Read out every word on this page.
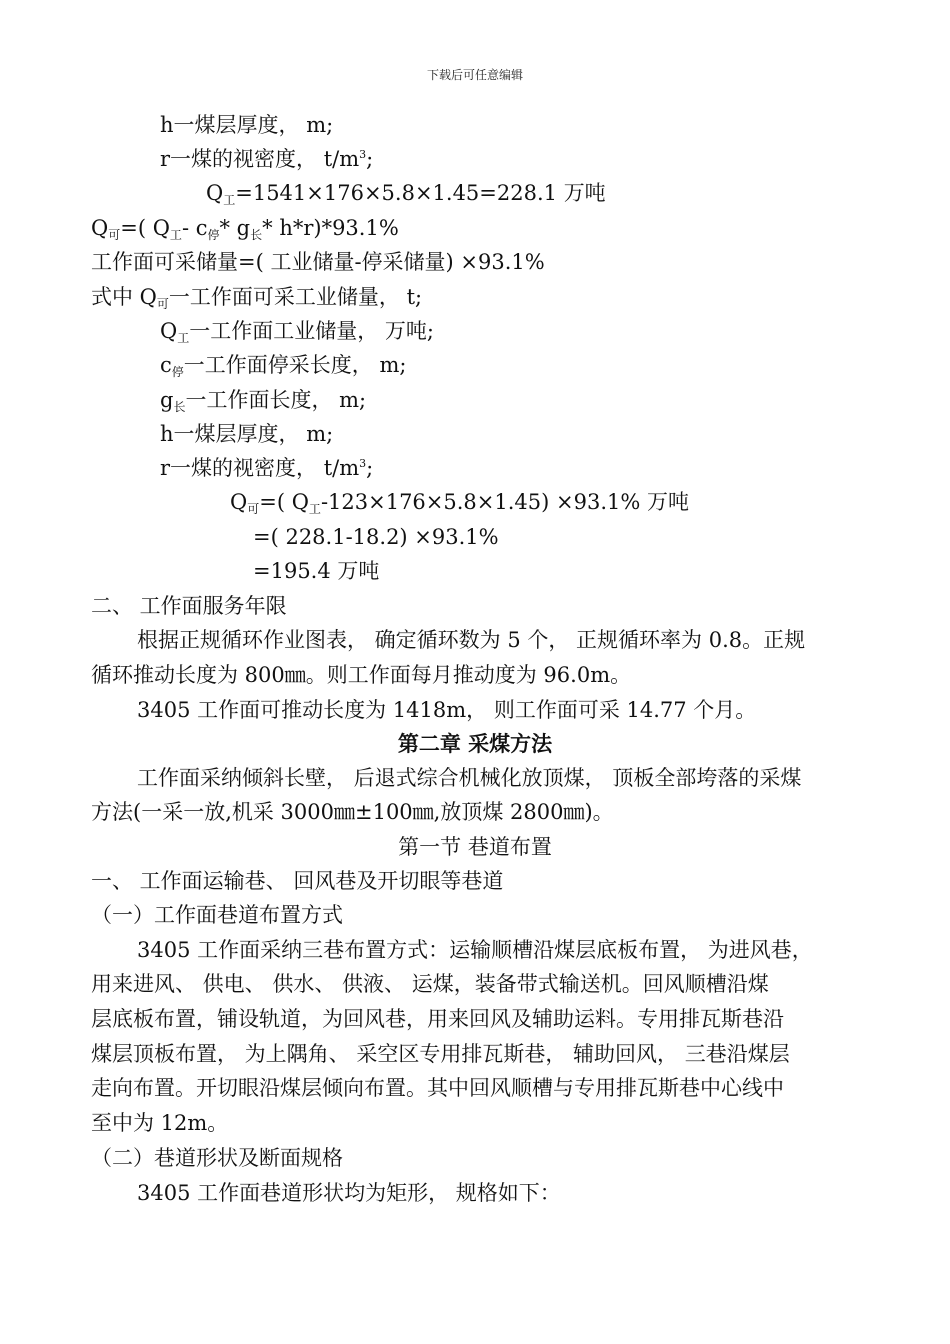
下载后可任意编辑
h一煤层厚度， m;
r一煤的视密度， $t/m^3$;
$Q_工=1541\times 176\times 5.8\times 1.45=228.1$ 万吨
$Q_可=$( $Q_工-$ $c_停*$ $g_长*$ h*r)*93.1%
工作面可采储量=( 工业储量-停采储量) ×93.1%
式中 $Q_可$一工作面可采工业储量， t;
$Q_工$一工作面工业储量， 万吨;
$c_停$一工作面停采长度， m;
$g_长$一工作面长度， m;
h一煤层厚度， m;
r一煤的视密度， $t/m^3$;
$Q_可=$( $Q_工-123\times 176\times 5.8\times 1.45) \times 93.1\%$ 万吨
=( 228.1-18.2) ×93.1%
=195.4 万吨
二、 工作面服务年限
根据正规循环作业图表， 确定循环数为 5 个， 正规循环率为 0.8。正规
循环推动长度为 800㎜。则工作面每月推动度为 96.0m。
3405 工作面可推动长度为 1418m， 则工作面可采 14.77 个月。
第二章 采煤方法
工作面采纳倾斜长壁， 后退式综合机械化放顶煤， 顶板全部垮落的采煤
方法(一采一放,机采 3000㎜±100㎜,放顶煤 2800㎜)。
第一节 巷道布置
一、 工作面运输巷、 回风巷及开切眼等巷道
（一）工作面巷道布置方式
3405 工作面采纳三巷布置方式：运输顺槽沿煤层底板布置， 为进风巷，
用来进风、 供电、 供水、 供液、 运煤，装备带式输送机。回风顺槽沿煤
层底板布置，铺设轨道，为回风巷，用来回风及辅助运料。专用排瓦斯巷沿
煤层顶板布置， 为上隅角、 采空区专用排瓦斯巷， 辅助回风， 三巷沿煤层
走向布置。开切眼沿煤层倾向布置。其中回风顺槽与专用排瓦斯巷中心线中
至中为 12m。
（二）巷道形状及断面规格
3405 工作面巷道形状均为矩形， 规格如下：
